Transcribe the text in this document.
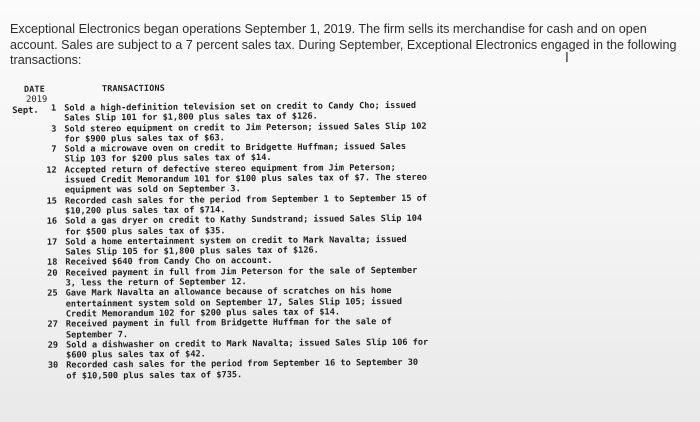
Exceptional Electronics began operations September 1, 2019. The firm sells its merchandise for cash and on open account. Sales are subject to a 7 percent sales tax. During September, Exceptional Electronics engaged in the following transactions:	Ⅰ
DATE	TRANSACTIONS
2019
Sept.	1 Sold a high-definition television set on credit to Candy Cho; issued
Sales Slip 101 for $1,800 plus sales tax of $126.
3 Sold stereo equipment on credit to Jim Peterson; issued Sales Slip 102
for $900 plus sales tax of $63.
7 Sold a microwave oven on credit to Bridgette Huffman; issued Sales
Slip 103 for $200 plus sales tax of $14.
12 Accepted return of defective stereo equipment from Jim Peterson;
issued Credit Memorandum 101 for $100 plus sales tax of $7. The stereo
equipment was sold on September 3.
15 Recorded cash sales for the period from September 1 to September 15 of
$10,200 plus sales tax of $714.
16 Sold a gas dryer on credit to Kathy Sundstrand; issued Sales Slip 104
for $500 plus sales tax of $35.
17 Sold a home entertainment system on credit to Mark Navalta; issued
Sales Slip 105 for $1,800 plus sales tax of $126.
18 Received $640 from Candy Cho on account.
20 Received payment in full from Jim Peterson for the sale of September
3, less the return of September 12.
25 Gave Mark Navalta an allowance because of scratches on his home
entertainment system sold on September 17, Sales Slip 105; issued
Credit Memorandum 102 for $200 plus sales tax of $14.
27 Received payment in full from Bridgette Huffman for the sale of
September 7.
29 Sold a dishwasher on credit to Mark Navalta; issued Sales Slip 106 for
$600 plus sales tax of $42.
30 Recorded cash sales for the period from September 16 to September 30
of $10,500 plus sales tax of $735.
